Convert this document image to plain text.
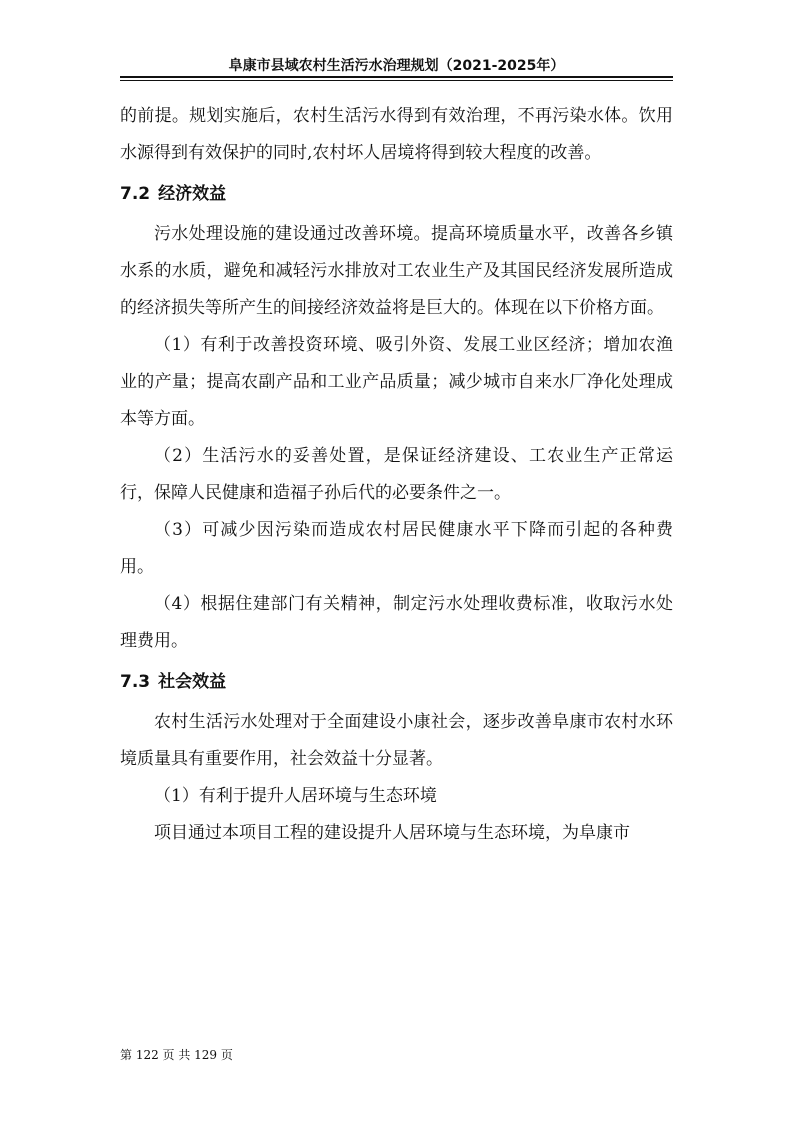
阜康市县域农村生活污水治理规划（2021-2025年）

的前提。规划实施后，农村生活污水得到有效治理，不再污染水体。饮用水源得到有效保护的同时,农村坏人居境将得到较大程度的改善。

7.2 经济效益

污水处理设施的建设通过改善环境。提高环境质量水平，改善各乡镇水系的水质，避免和减轻污水排放对工农业生产及其国民经济发展所造成的经济损失等所产生的间接经济效益将是巨大的。体现在以下价格方面。

（1）有利于改善投资环境、吸引外资、发展工业区经济；增加农渔业的产量；提高农副产品和工业产品质量；减少城市自来水厂净化处理成本等方面。

（2）生活污水的妥善处置，是保证经济建设、工农业生产正常运行，保障人民健康和造福子孙后代的必要条件之一。

（3）可减少因污染而造成农村居民健康水平下降而引起的各种费用。

（4）根据住建部门有关精神，制定污水处理收费标准，收取污水处理费用。

7.3 社会效益

农村生活污水处理对于全面建设小康社会，逐步改善阜康市农村水环境质量具有重要作用，社会效益十分显著。

（1）有利于提升人居环境与生态环境

项目通过本项目工程的建设提升人居环境与生态环境，为阜康市

第 122 页 共 129 页
